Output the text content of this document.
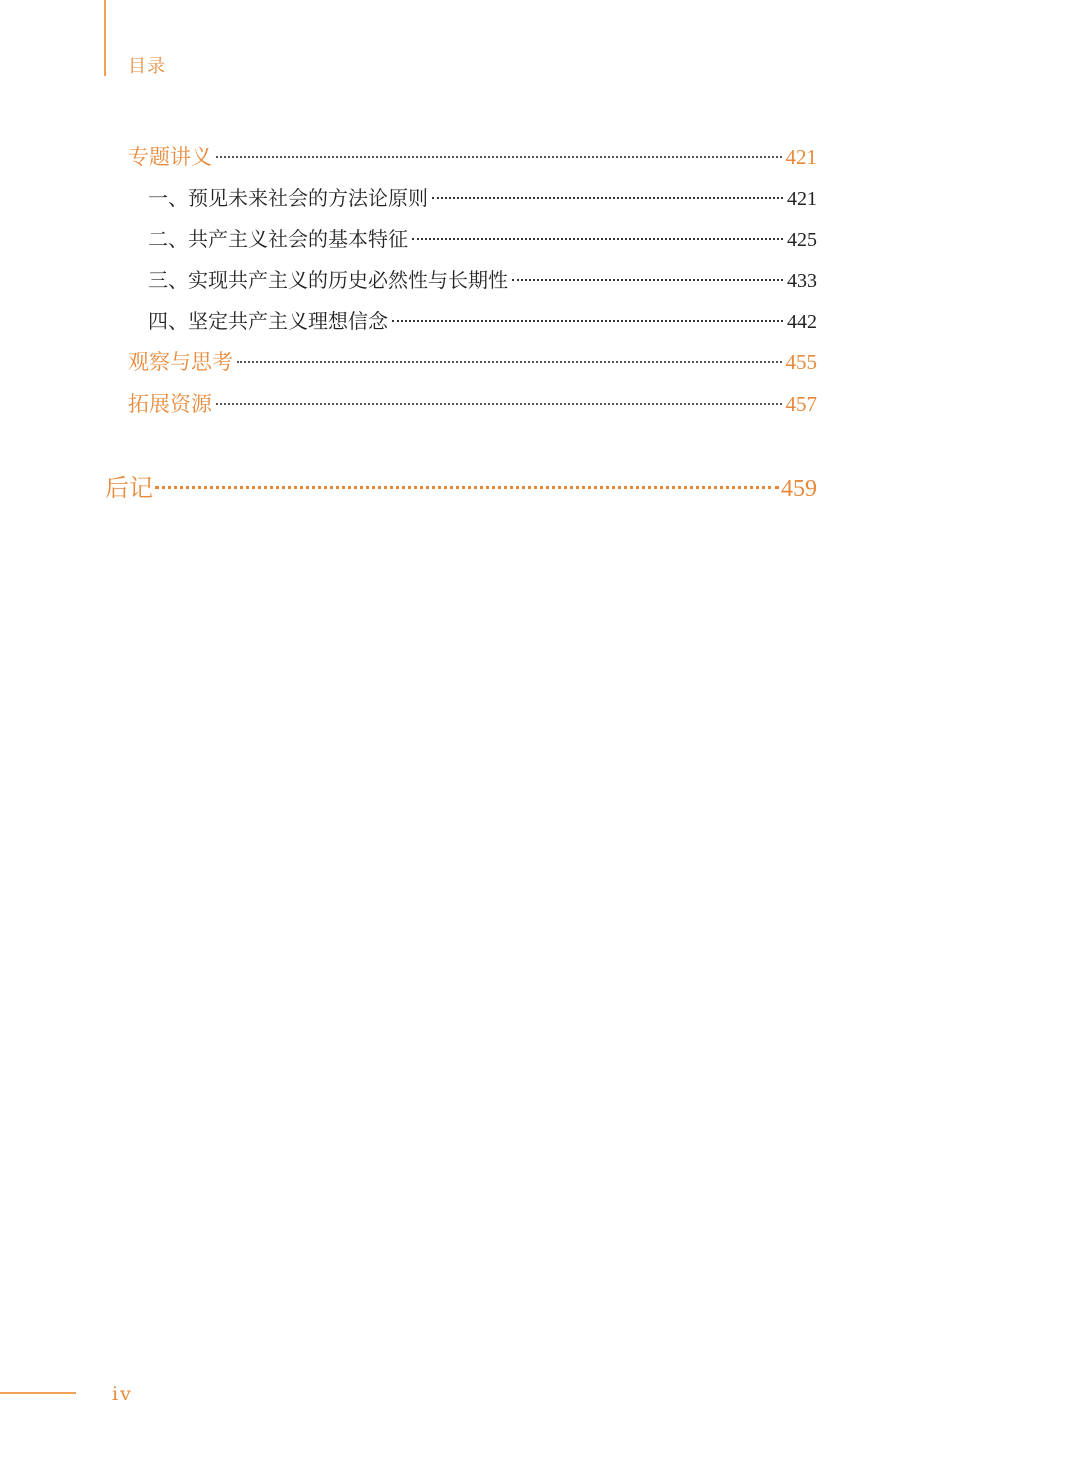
目录
专题讲义	421
一、预见未来社会的方法论原则	421
二、共产主义社会的基本特征	425
三、实现共产主义的历史必然性与长期性	433
四、坚定共产主义理想信念	442
观察与思考	455
拓展资源	457
后记	459
iv
